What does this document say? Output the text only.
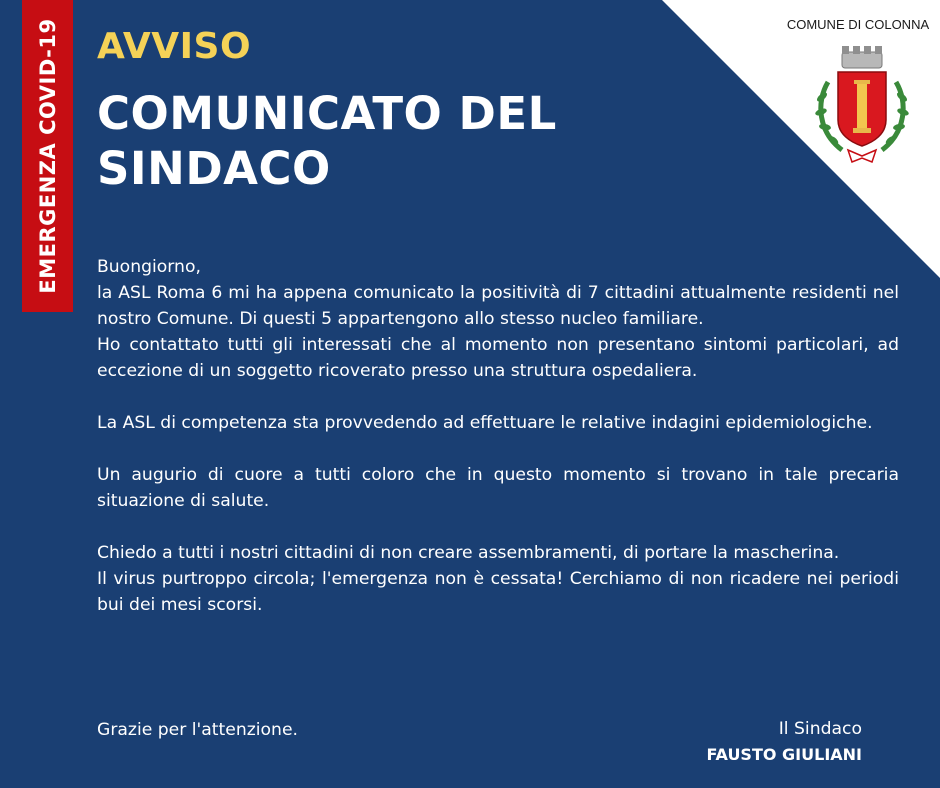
EMERGENZA COVID-19 AVVISO
COMUNICATO DEL SINDACO
COMUNE DI COLONNA

Buongiorno,

la ASL Roma 6 mi ha appena comunicato la positività di 7 cittadini attualmente residenti nel nostro Comune. Di questi 5 appartengono allo stesso nucleo familiare.

Ho contattato tutti gli interessati che al momento non presentano sintomi particolari, ad eccezione di un soggetto ricoverato presso una struttura ospedaliera.

La ASL di competenza sta provvedendo ad effettuare le relative indagini epidemiologiche.

Un augurio di cuore a tutti coloro che in questo momento si trovano in tale precaria situazione di salute.

Chiedo a tutti i nostri cittadini di non creare assembramenti, di portare la mascherina.

Il virus purtroppo circola; l'emergenza non è cessata! Cerchiamo di non ricadere nei periodi bui dei mesi scorsi.

Grazie per l'attenzione.	Il Sindaco
FAUSTO GIULIANI
